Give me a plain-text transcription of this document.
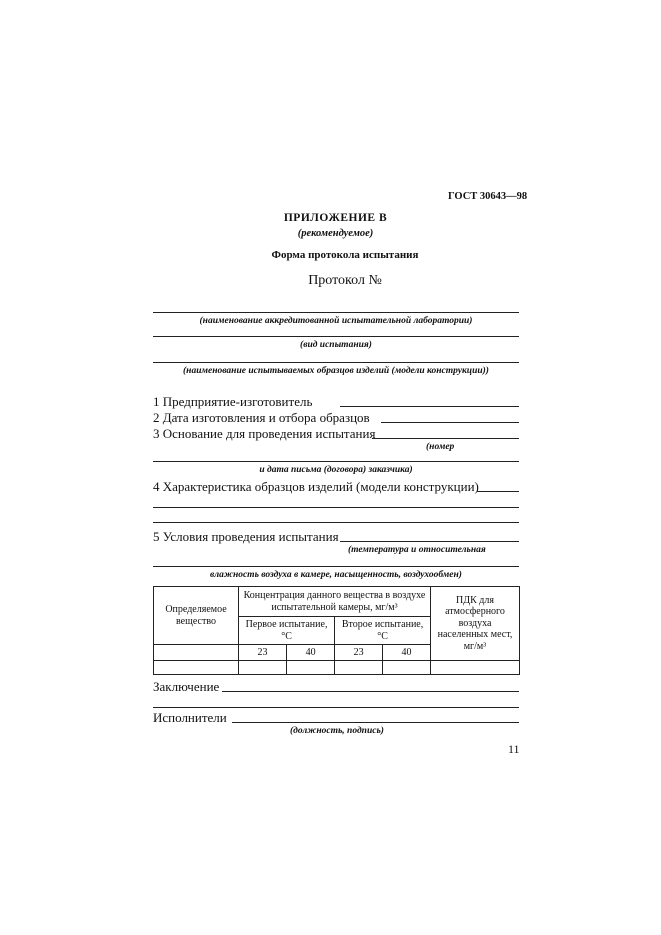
ГОСТ 30643—98
ПРИЛОЖЕНИЕ В
(рекомендуемое)
Форма протокола испытания
Протокол №
(наименование аккредитованной испытательной лаборатории)
(вид испытания)
(наименование испытываемых образцов изделий (модели конструкции))
1 Предприятие-изготовитель
2 Дата изготовления и отбора образцов
3 Основание для проведения испытания
(номер
и дата письма (договора) заказчика)
4 Характеристика образцов изделий (модели конструкции)
5 Условия проведения испытания
(температура и относительная
влажность воздуха в камере, насыщенность, воздухообмен)
Определяемое вещество	Концентрация данного вещества в воздухе испытательной камеры, мг/м³				ПДК для атмосферного воздуха населенных мест, мг/м³
	Первое испытание, °С		Второе испытание, °С		
	23	40	23	40	

Заключение
Исполнители
(должность, подпись)
11
